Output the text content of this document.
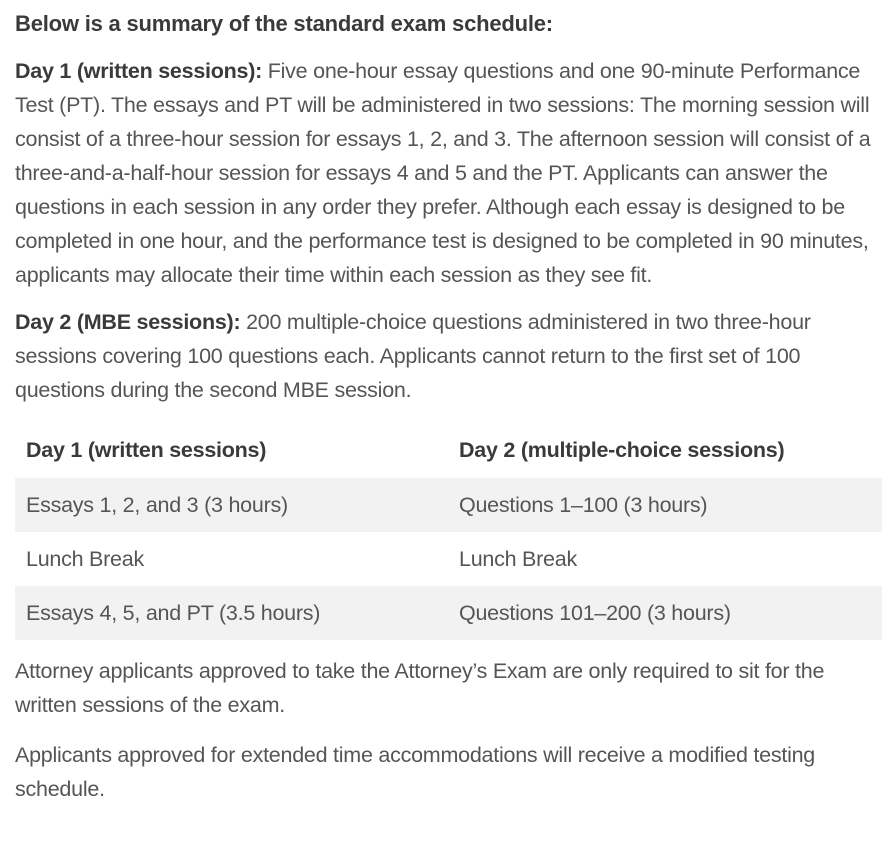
Below is a summary of the standard exam schedule:

Day 1 (written sessions): Five one-hour essay questions and one 90-minute Performance Test (PT). The essays and PT will be administered in two sessions: The morning session will consist of a three-hour session for essays 1, 2, and 3. The afternoon session will consist of a three-and-a-half-hour session for essays 4 and 5 and the PT. Applicants can answer the questions in each session in any order they prefer. Although each essay is designed to be completed in one hour, and the performance test is designed to be completed in 90 minutes, applicants may allocate their time within each session as they see fit.

Day 2 (MBE sessions): 200 multiple-choice questions administered in two three-hour sessions covering 100 questions each. Applicants cannot return to the first set of 100 questions during the second MBE session.

Day 1 (written sessions)	Day 2 (multiple-choice sessions)
Essays 1, 2, and 3 (3 hours)	Questions 1–100 (3 hours)
Lunch Break	Lunch Break
Essays 4, 5, and PT (3.5 hours)	Questions 101–200 (3 hours)

Attorney applicants approved to take the Attorney’s Exam are only required to sit for the written sessions of the exam.

Applicants approved for extended time accommodations will receive a modified testing schedule.
